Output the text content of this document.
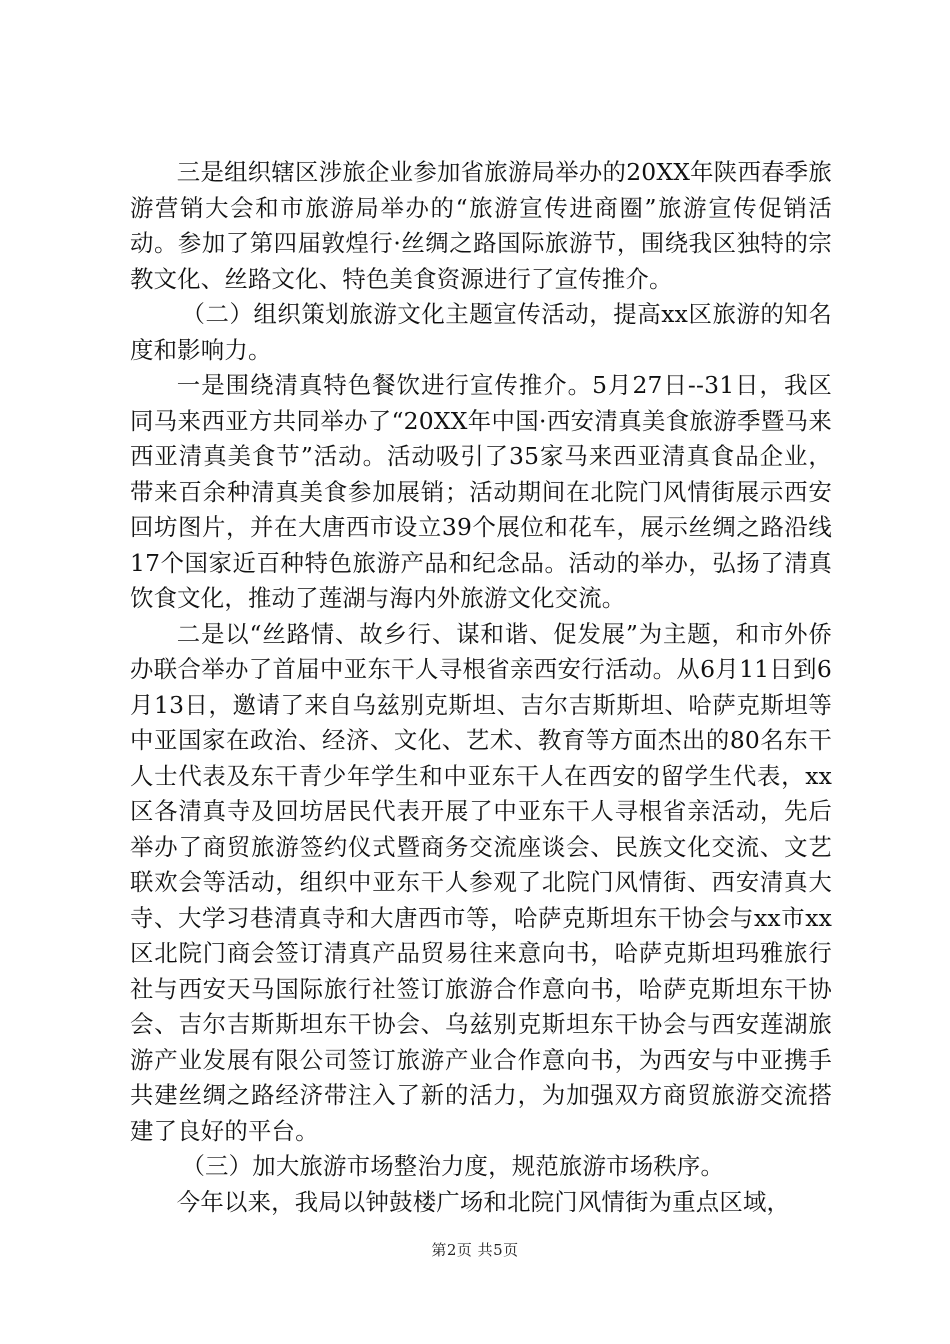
三是组织辖区涉旅企业参加省旅游局举办的20XX年陕西春季旅游营销大会和市旅游局举办的“旅游宣传进商圈”旅游宣传促销活动。参加了第四届敦煌行·丝绸之路国际旅游节，围绕我区独特的宗教文化、丝路文化、特色美食资源进行了宣传推介。

（二）组织策划旅游文化主题宣传活动，提高xx区旅游的知名度和影响力。

一是围绕清真特色餐饮进行宣传推介。5月27日--31日，我区同马来西亚方共同举办了“20XX年中国·西安清真美食旅游季暨马来西亚清真美食节”活动。活动吸引了35家马来西亚清真食品企业，带来百余种清真美食参加展销；活动期间在北院门风情街展示西安回坊图片，并在大唐西市设立39个展位和花车，展示丝绸之路沿线17个国家近百种特色旅游产品和纪念品。活动的举办，弘扬了清真饮食文化，推动了莲湖与海内外旅游文化交流。

二是以“丝路情、故乡行、谋和谐、促发展”为主题，和市外侨办联合举办了首届中亚东干人寻根省亲西安行活动。从6月11日到6月13日，邀请了来自乌兹别克斯坦、吉尔吉斯斯坦、哈萨克斯坦等中亚国家在政治、经济、文化、艺术、教育等方面杰出的80名东干人士代表及东干青少年学生和中亚东干人在西安的留学生代表，xx区各清真寺及回坊居民代表开展了中亚东干人寻根省亲活动，先后举办了商贸旅游签约仪式暨商务交流座谈会、民族文化交流、文艺联欢会等活动，组织中亚东干人参观了北院门风情街、西安清真大寺、大学习巷清真寺和大唐西市等，哈萨克斯坦东干协会与xx市xx区北院门商会签订清真产品贸易往来意向书，哈萨克斯坦玛雅旅行社与西安天马国际旅行社签订旅游合作意向书，哈萨克斯坦东干协会、吉尔吉斯斯坦东干协会、乌兹别克斯坦东干协会与西安莲湖旅游产业发展有限公司签订旅游产业合作意向书，为西安与中亚携手共建丝绸之路经济带注入了新的活力，为加强双方商贸旅游交流搭建了良好的平台。

（三）加大旅游市场整治力度，规范旅游市场秩序。

今年以来，我局以钟鼓楼广场和北院门风情街为重点区域，

第2页 共5页
